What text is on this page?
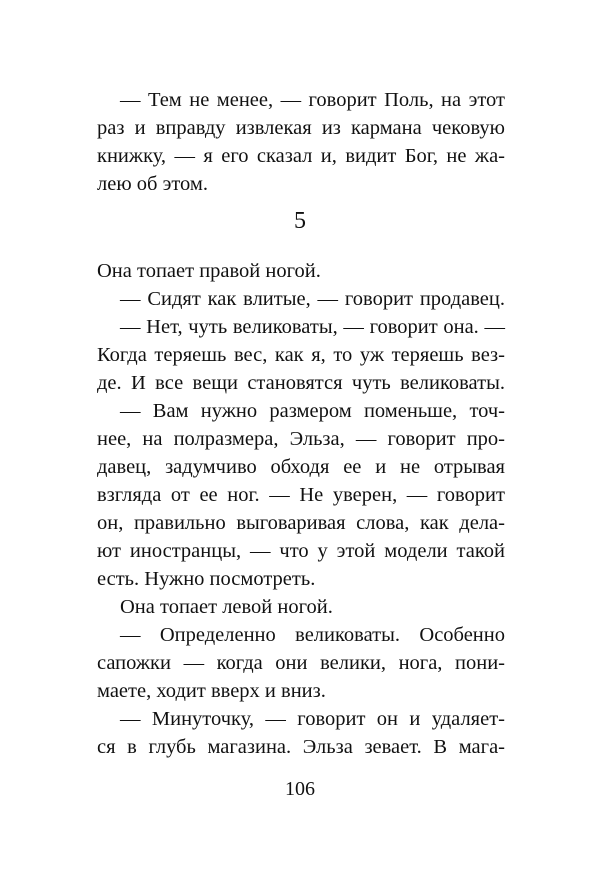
— Тем не менее, — говорит Поль, на этот
раз и вправду извлекая из кармана чековую
книжку, — я его сказал и, видит Бог, не жа-
лею об этом.
5
Она топает правой ногой.
— Сидят как влитые, — говорит продавец.
— Нет, чуть великоваты, — говорит она. —
Когда теряешь вес, как я, то уж теряешь вез-
де. И все вещи становятся чуть великоваты.
— Вам нужно размером поменьше, точ-
нее, на полразмера, Эльза, — говорит про-
давец, задумчиво обходя ее и не отрывая
взгляда от ее ног. — Не уверен, — говорит
он, правильно выговаривая слова, как дела-
ют иностранцы, — что у этой модели такой
есть. Нужно посмотреть.
Она топает левой ногой.
— Определенно великоваты. Особенно
сапожки — когда они велики, нога, пони-
маете, ходит вверх и вниз.
— Минуточку, — говорит он и удаляет-
ся в глубь магазина. Эльза зевает. В мага-
106
